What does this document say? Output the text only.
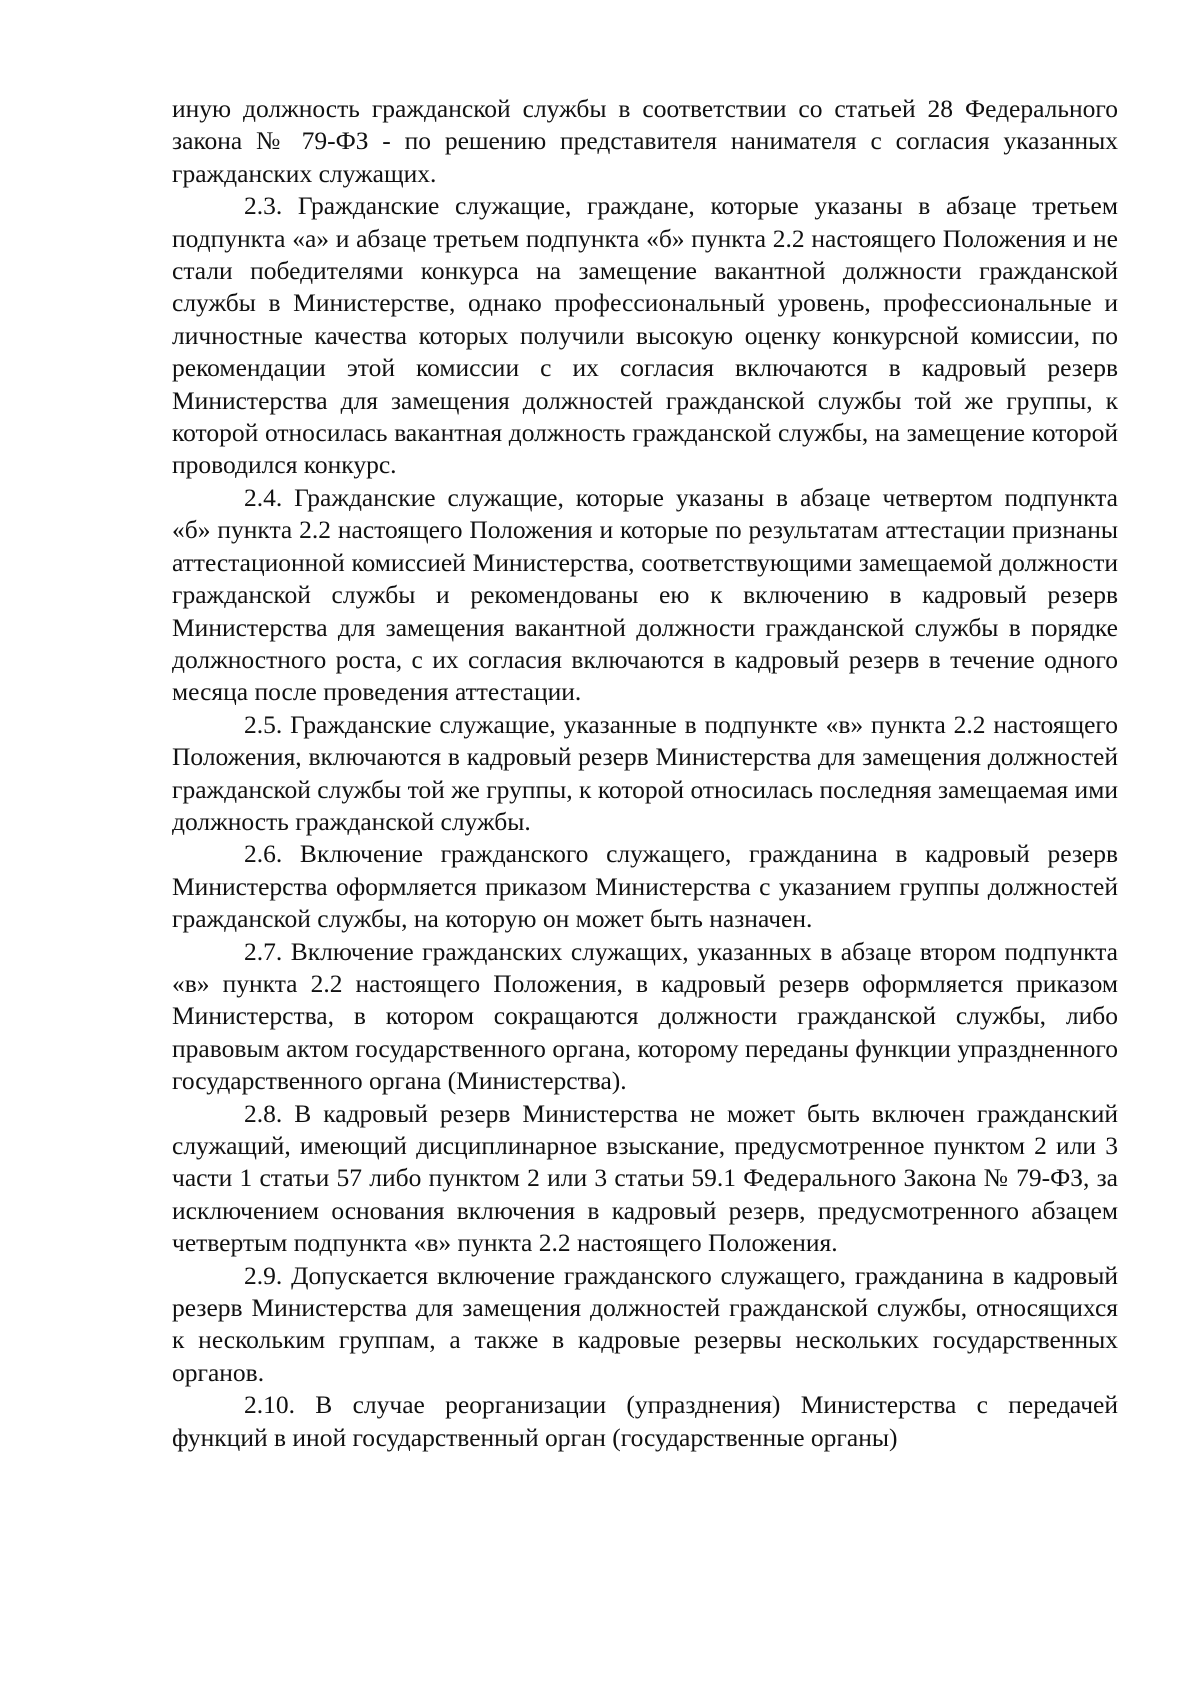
иную должность гражданской службы в соответствии со статьей 28 Федерального закона № 79-ФЗ - по решению представителя нанимателя с согласия указанных гражданских служащих.

2.3. Гражданские служащие, граждане, которые указаны в абзаце третьем подпункта «а» и абзаце третьем подпункта «б» пункта 2.2 настоящего Положения и не стали победителями конкурса на замещение вакантной должности гражданской службы в Министерстве, однако профессиональный уровень, профессиональные и личностные качества которых получили высокую оценку конкурсной комиссии, по рекомендации этой комиссии с их согласия включаются в кадровый резерв Министерства для замещения должностей гражданской службы той же группы, к которой относилась вакантная должность гражданской службы, на замещение которой проводился конкурс.

2.4. Гражданские служащие, которые указаны в абзаце четвертом подпункта «б» пункта 2.2 настоящего Положения и которые по результатам аттестации признаны аттестационной комиссией Министерства, соответствующими замещаемой должности гражданской службы и рекомендованы ею к включению в кадровый резерв Министерства для замещения вакантной должности гражданской службы в порядке должностного роста, с их согласия включаются в кадровый резерв в течение одного месяца после проведения аттестации.

2.5. Гражданские служащие, указанные в подпункте «в» пункта 2.2 настоящего Положения, включаются в кадровый резерв Министерства для замещения должностей гражданской службы той же группы, к которой относилась последняя замещаемая ими должность гражданской службы.

2.6. Включение гражданского служащего, гражданина в кадровый резерв Министерства оформляется приказом Министерства с указанием группы должностей гражданской службы, на которую он может быть назначен.

2.7. Включение гражданских служащих, указанных в абзаце втором подпункта «в» пункта 2.2 настоящего Положения, в кадровый резерв оформляется приказом Министерства, в котором сокращаются должности гражданской службы, либо правовым актом государственного органа, которому переданы функции упраздненного государственного органа (Министерства).

2.8. В кадровый резерв Министерства не может быть включен гражданский служащий, имеющий дисциплинарное взыскание, предусмотренное пунктом 2 или 3 части 1 статьи 57 либо пунктом 2 или 3 статьи 59.1 Федерального Закона № 79-ФЗ, за исключением основания включения в кадровый резерв, предусмотренного абзацем четвертым подпункта «в» пункта 2.2 настоящего Положения.

2.9. Допускается включение гражданского служащего, гражданина в кадровый резерв Министерства для замещения должностей гражданской службы, относящихся к нескольким группам, а также в кадровые резервы нескольких государственных органов.

2.10. В случае реорганизации (упразднения) Министерства с передачей функций в иной государственный орган (государственные органы)
